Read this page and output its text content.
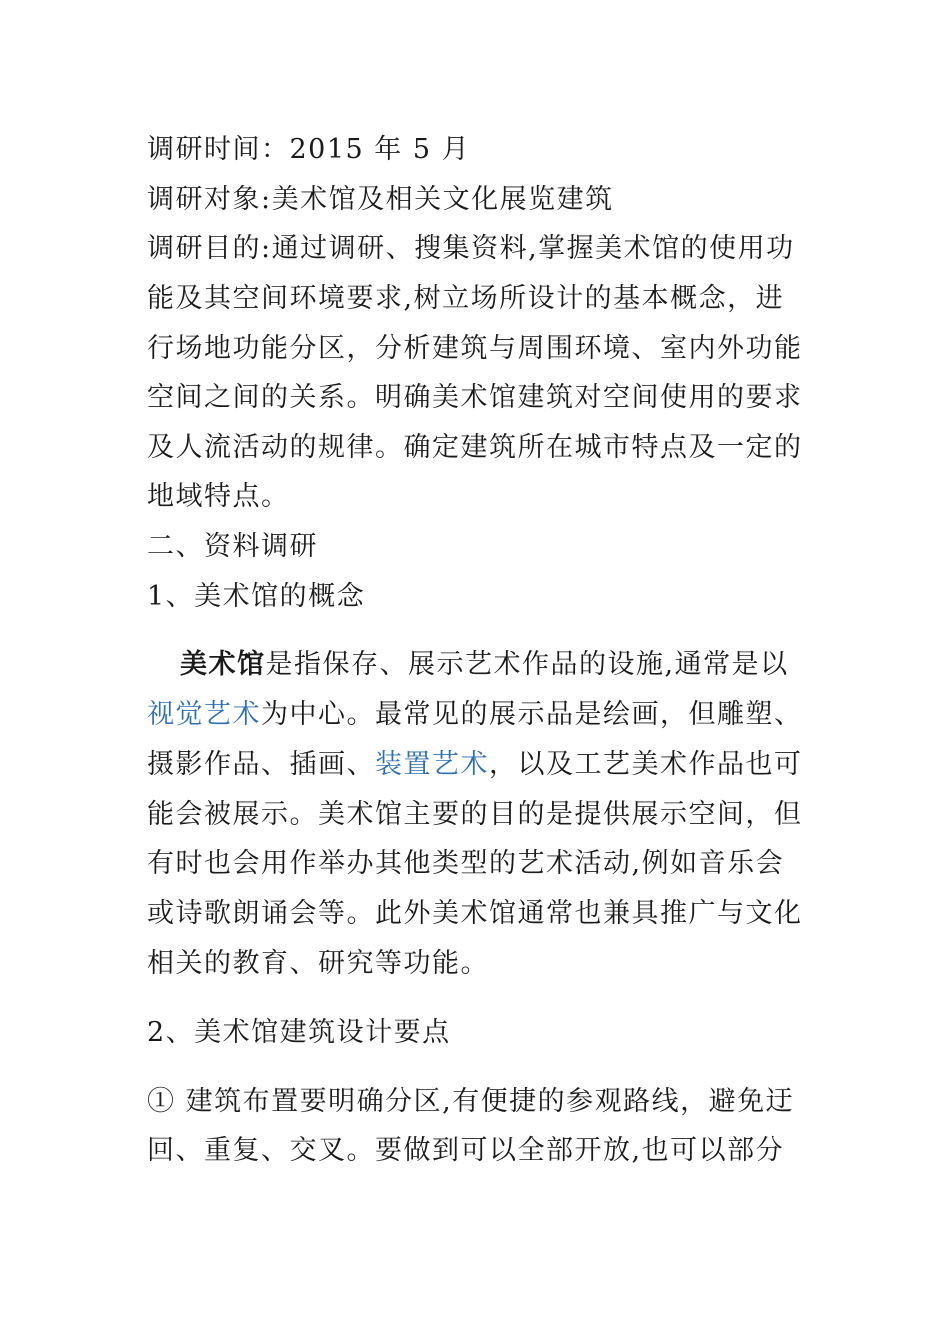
调研时间：2015 年 5 月
调研对象:美术馆及相关文化展览建筑
调研目的:通过调研、搜集资料,掌握美术馆的使用功
能及其空间环境要求,树立场所设计的基本概念，进
行场地功能分区，分析建筑与周围环境、室内外功能
空间之间的关系。明确美术馆建筑对空间使用的要求
及人流活动的规律。确定建筑所在城市特点及一定的
地域特点。
二、资料调研
1、美术馆的概念
美术馆是指保存、展示艺术作品的设施,通常是以
视觉艺术为中心。最常见的展示品是绘画，但雕塑、
摄影作品、插画、装置艺术，以及工艺美术作品也可
能会被展示。美术馆主要的目的是提供展示空间，但
有时也会用作举办其他类型的艺术活动,例如音乐会
或诗歌朗诵会等。此外美术馆通常也兼具推广与文化
相关的教育、研究等功能。
2、美术馆建筑设计要点
① 建筑布置要明确分区,有便捷的参观路线，避免迂
回、重复、交叉。要做到可以全部开放,也可以部分
